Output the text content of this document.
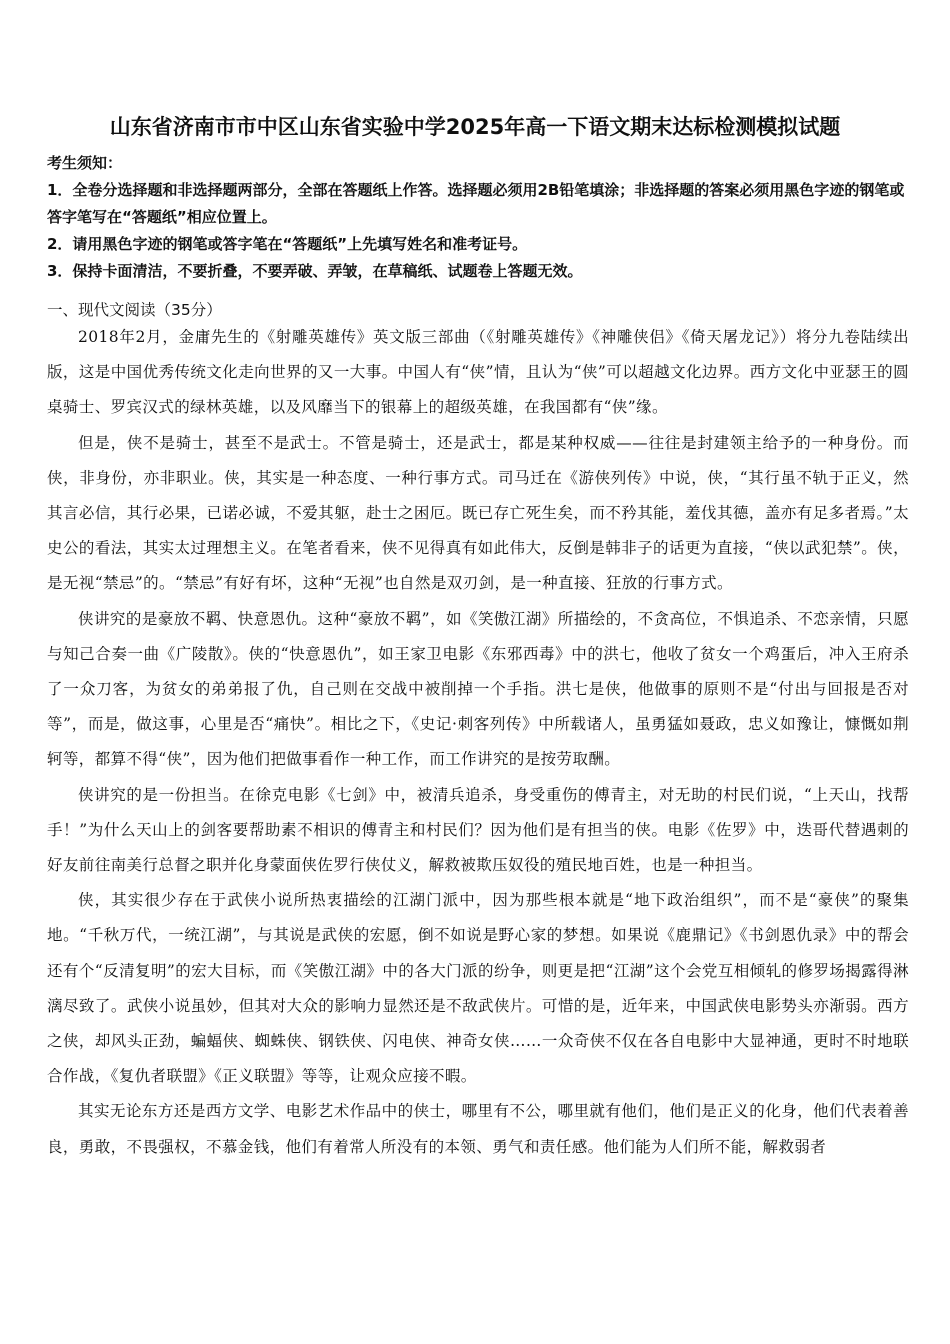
山东省济南市市中区山东省实验中学2025年高一下语文期末达标检测模拟试题

考生须知：

1．全卷分选择题和非选择题两部分，全部在答题纸上作答。选择题必须用2B铅笔填涂；非选择题的答案必须用黑色字迹的钢笔或答字笔写在“答题纸”相应位置上。

2．请用黑色字迹的钢笔或答字笔在“答题纸”上先填写姓名和准考证号。

3．保持卡面清洁，不要折叠，不要弄破、弄皱，在草稿纸、试题卷上答题无效。

一、现代文阅读（35分）

2018年2月，金庸先生的《射雕英雄传》英文版三部曲（《射雕英雄传》《神雕侠侣》《倚天屠龙记》）将分九卷陆续出版，这是中国优秀传统文化走向世界的又一大事。中国人有“侠”情，且认为“侠”可以超越文化边界。西方文化中亚瑟王的圆桌骑士、罗宾汉式的绿林英雄，以及风靡当下的银幕上的超级英雄，在我国都有“侠”缘。

但是，侠不是骑士，甚至不是武士。不管是骑士，还是武士，都是某种权威——往往是封建领主给予的一种身份。而侠，非身份，亦非职业。侠，其实是一种态度、一种行事方式。司马迁在《游侠列传》中说，侠，“其行虽不轨于正义，然其言必信，其行必果，已诺必诚，不爱其躯，赴士之困厄。既已存亡死生矣，而不矜其能，羞伐其德，盖亦有足多者焉。”太史公的看法，其实太过理想主义。在笔者看来，侠不见得真有如此伟大，反倒是韩非子的话更为直接，“侠以武犯禁”。侠，是无视“禁忌”的。“禁忌”有好有坏，这种“无视”也自然是双刃剑，是一种直接、狂放的行事方式。

侠讲究的是豪放不羁、快意恩仇。这种“豪放不羁”，如《笑傲江湖》所描绘的，不贪高位，不惧追杀、不恋亲情，只愿与知己合奏一曲《广陵散》。侠的“快意恩仇”，如王家卫电影《东邪西毒》中的洪七，他收了贫女一个鸡蛋后，冲入王府杀了一众刀客，为贫女的弟弟报了仇，自己则在交战中被削掉一个手指。洪七是侠，他做事的原则不是“付出与回报是否对等”，而是，做这事，心里是否“痛快”。相比之下，《史记·刺客列传》中所载诸人，虽勇猛如聂政，忠义如豫让，慷慨如荆轲等，都算不得“侠”，因为他们把做事看作一种工作，而工作讲究的是按劳取酬。

侠讲究的是一份担当。在徐克电影《七剑》中，被清兵追杀，身受重伤的傅青主，对无助的村民们说，“上天山，找帮手！”为什么天山上的剑客要帮助素不相识的傅青主和村民们？因为他们是有担当的侠。电影《佐罗》中，迭哥代替遇刺的好友前往南美行总督之职并化身蒙面侠佐罗行侠仗义，解救被欺压奴役的殖民地百姓，也是一种担当。

侠，其实很少存在于武侠小说所热衷描绘的江湖门派中，因为那些根本就是“地下政治组织”，而不是“豪侠”的聚集地。“千秋万代，一统江湖”，与其说是武侠的宏愿，倒不如说是野心家的梦想。如果说《鹿鼎记》《书剑恩仇录》中的帮会还有个“反清复明”的宏大目标，而《笑傲江湖》中的各大门派的纷争，则更是把“江湖”这个会党互相倾轧的修罗场揭露得淋漓尽致了。武侠小说虽妙，但其对大众的影响力显然还是不敌武侠片。可惜的是，近年来，中国武侠电影势头亦渐弱。西方之侠，却风头正劲，蝙蝠侠、蜘蛛侠、钢铁侠、闪电侠、神奇女侠……一众奇侠不仅在各自电影中大显神通，更时不时地联合作战，《复仇者联盟》《正义联盟》等等，让观众应接不暇。

其实无论东方还是西方文学、电影艺术作品中的侠士，哪里有不公，哪里就有他们，他们是正义的化身，他们代表着善良，勇敢，不畏强权，不慕金钱，他们有着常人所没有的本领、勇气和责任感。他们能为人们所不能，解救弱者
